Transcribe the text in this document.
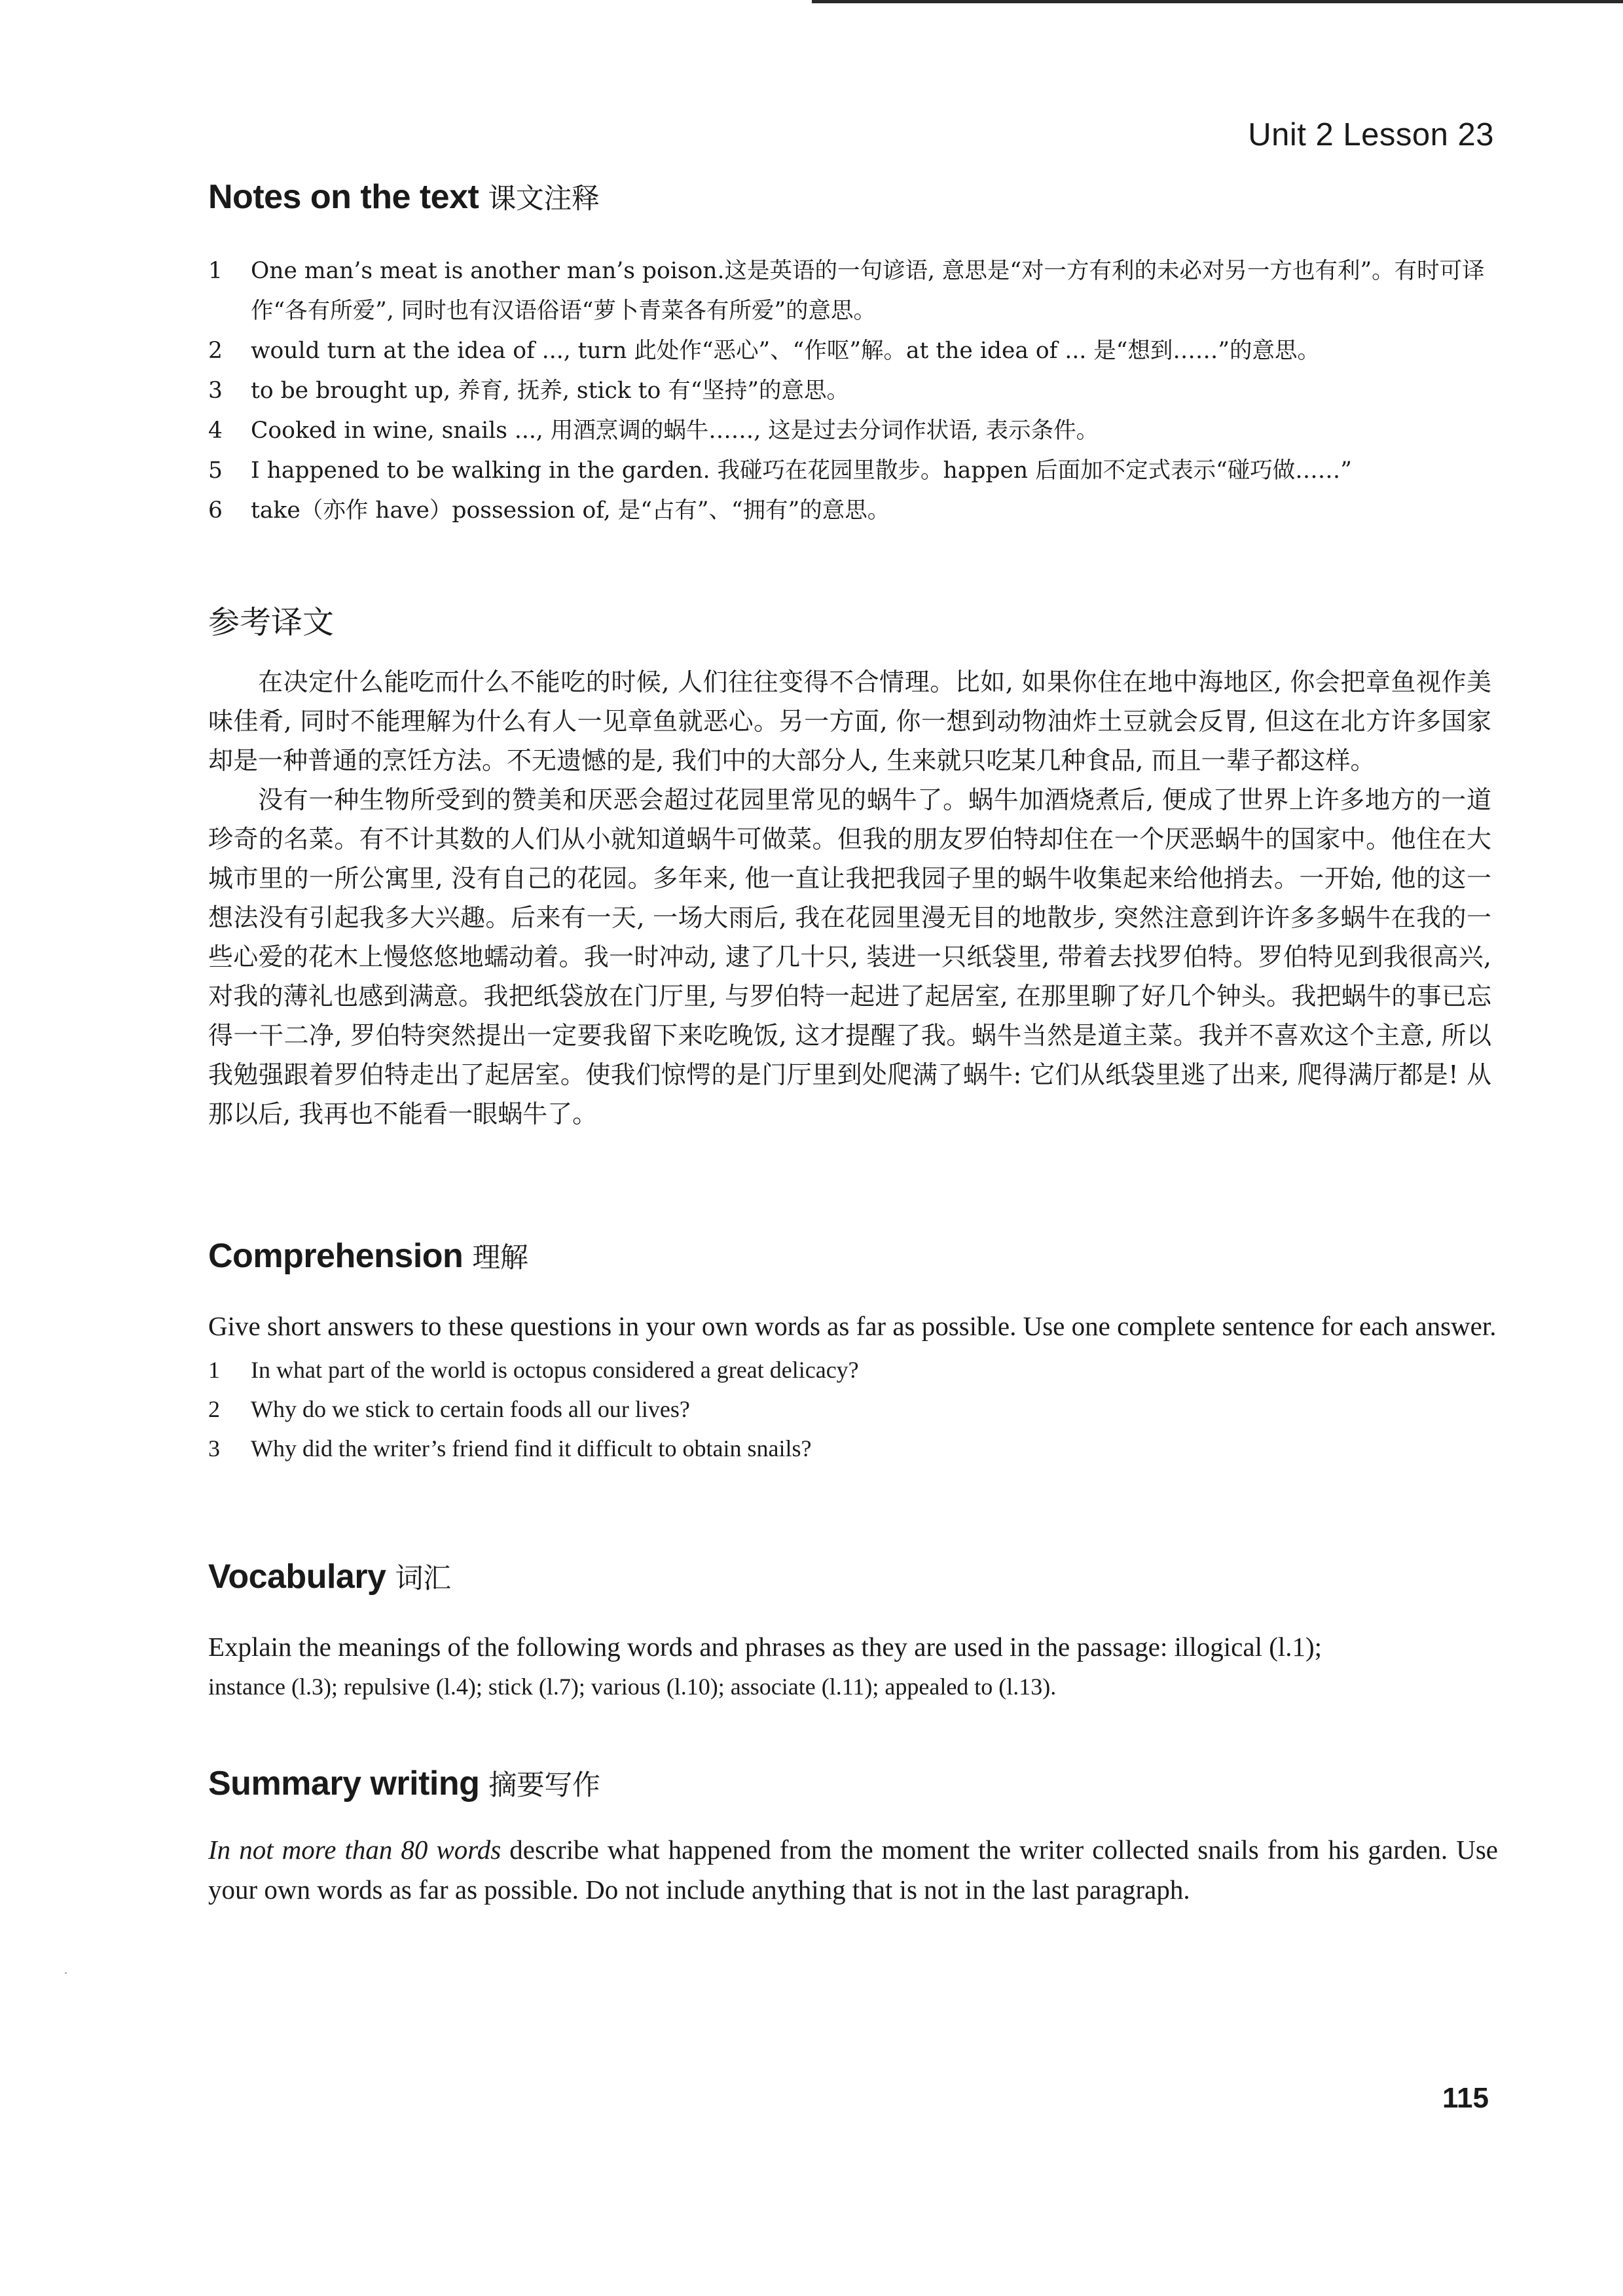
Unit 2 Lesson 23
Notes on the text 课文注释
1 One man’s meat is another man’s poison.这是英语的一句谚语, 意思是“对一方有利的未必对另一方也有利”。有时可译作“各有所爱”, 同时也有汉语俗语“萝卜青菜各有所爱”的意思。
2 would turn at the idea of ..., turn 此处作“恶心”、“作呕”解。at the idea of ... 是“想到……”的意思。
3 to be brought up, 养育, 抚养, stick to 有“坚持”的意思。
4 Cooked in wine, snails ..., 用酒烹调的蜗牛……, 这是过去分词作状语, 表示条件。
5 I happened to be walking in the garden. 我碰巧在花园里散步。happen 后面加不定式表示“碰巧做……”
6 take（亦作 have）possession of, 是“占有”、“拥有”的意思。
参考译文

在决定什么能吃而什么不能吃的时候, 人们往往变得不合情理。比如, 如果你住在地中海地区, 你会把章鱼视作美味佳肴, 同时不能理解为什么有人一见章鱼就恶心。另一方面, 你一想到动物油炸土豆就会反胃, 但这在北方许多国家却是一种普通的烹饪方法。不无遗憾的是, 我们中的大部分人, 生来就只吃某几种食品, 而且一辈子都这样。

没有一种生物所受到的赞美和厌恶会超过花园里常见的蜗牛了。蜗牛加酒烧煮后, 便成了世界上许多地方的一道珍奇的名菜。有不计其数的人们从小就知道蜗牛可做菜。但我的朋友罗伯特却住在一个厌恶蜗牛的国家中。他住在大城市里的一所公寓里, 没有自己的花园。多年来, 他一直让我把我园子里的蜗牛收集起来给他捎去。一开始, 他的这一想法没有引起我多大兴趣。后来有一天, 一场大雨后, 我在花园里漫无目的地散步, 突然注意到许许多多蜗牛在我的一些心爱的花木上慢悠悠地蠕动着。我一时冲动, 逮了几十只, 装进一只纸袋里, 带着去找罗伯特。罗伯特见到我很高兴, 对我的薄礼也感到满意。我把纸袋放在门厅里, 与罗伯特一起进了起居室, 在那里聊了好几个钟头。我把蜗牛的事已忘得一干二净, 罗伯特突然提出一定要我留下来吃晚饭, 这才提醒了我。蜗牛当然是道主菜。我并不喜欢这个主意, 所以我勉强跟着罗伯特走出了起居室。使我们惊愕的是门厅里到处爬满了蜗牛: 它们从纸袋里逃了出来, 爬得满厅都是! 从那以后, 我再也不能看一眼蜗牛了。

Comprehension 理解

Give short answers to these questions in your own words as far as possible. Use one complete sentence for each answer.

1 In what part of the world is octopus considered a great delicacy?
2 Why do we stick to certain foods all our lives?
3 Why did the writer’s friend find it difficult to obtain snails?
Vocabulary 词汇

Explain the meanings of the following words and phrases as they are used in the passage: illogical (l.1);

instance (l.3); repulsive (l.4); stick (l.7); various (l.10); associate (l.11); appealed to (l.13).

Summary writing 摘要写作

In not more than 80 words describe what happened from the moment the writer collected snails from his garden. Use your own words as far as possible. Do not include anything that is not in the last paragraph.

115
